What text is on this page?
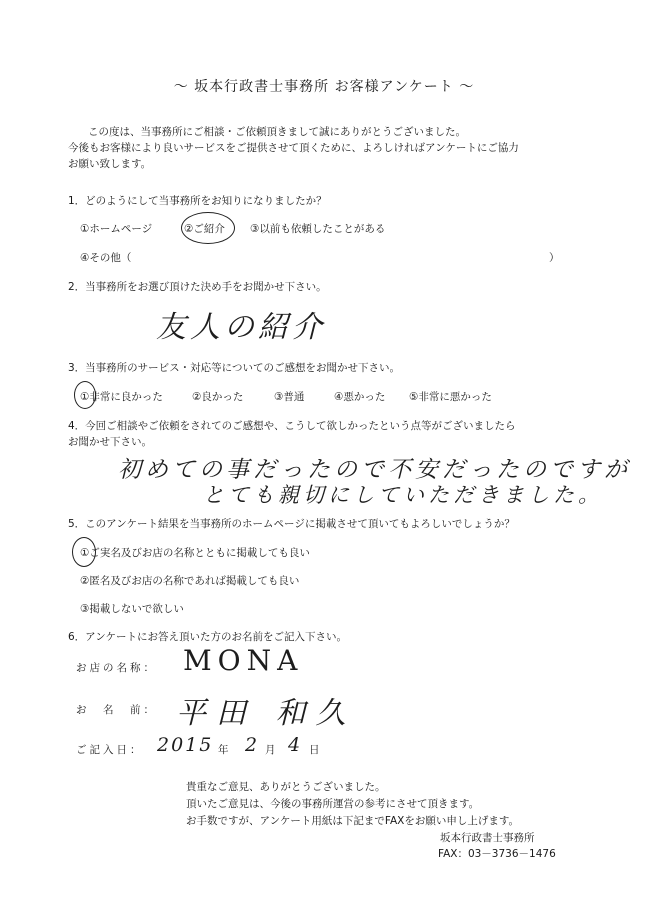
～ 坂本行政書士事務所 お客様アンケート ～
この度は、当事務所にご相談・ご依頼頂きまして誠にありがとうございました。
今後もお客様により良いサービスをご提供させて頂くために、よろしければアンケートにご協力
お願い致します。
1．どのようにして当事務所をお知りになりましたか？
①ホームページ	②ご紹介 ③以前も依頼したことがある
④その他（	）
2．当事務所をお選び頂けた決め手をお聞かせ下さい。
友人の紹介
3．当事務所のサービス・対応等についてのご感想をお聞かせ下さい。
①非常に良かった	②良かった	③普通	④悪かった ⑤非常に悪かった
4．今回ご相談やご依頼をされてのご感想や、こうして欲しかったという点等がございましたら
お聞かせ下さい。
初めての事だったので不安だったのですが
とても親切にしていただきました。
5．このアンケート結果を当事務所のホームページに掲載させて頂いてもよろしいでしょうか？
①ご実名及びお店の名称とともに掲載しても良い
②匿名及びお店の名称であれば掲載しても良い
③掲載しないで欲しい
6．アンケートにお答え頂いた方のお名前をご記入下さい。
お店の名称： MONA
お　名　前： 平田 和久
ご記入日： 2015 年 2 月 4 日
貴重なご意見、ありがとうございました。
頂いたご意見は、今後の事務所運営の参考にさせて頂きます。
お手数ですが、アンケート用紙は下記までFAXをお願い申し上げます。
坂本行政書士事務所
FAX：03－3736－1476
